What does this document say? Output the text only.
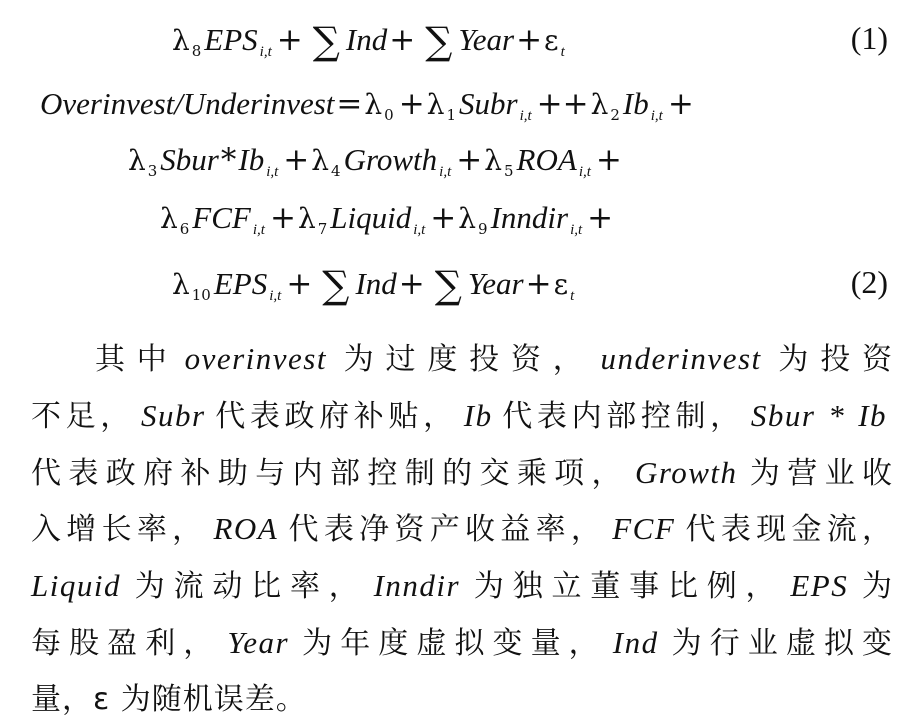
λ $_8$EPS $_{i,t}$ + ∑ Ind+ ∑ Year+ε $_t$	(1)
Overinvest/Underinvest=λ $_0$ +λ $_1$Subr $_{i,t}$ ++λ $_2$Ib $_{i,t}$ +
λ $_3$Sbur*Ib $_{i,t}$ +λ $_4$Growth $_{i,t}$ +λ $_5$ROA $_{i,t}$ +
λ $_6$FCF $_{i,t}$ +λ $_7$Liquid $_{i,t}$ +λ $_9$Inndir $_{i,t}$ +
λ $_{10}$EPS $_{i,t}$ + ∑ Ind+ ∑ Year+ε $_t$	(2)
其中 overinvest 为过度投资， underinvest 为投资
不足， Subr 代表政府补贴， Ib 代表内部控制， Sbur * Ib
代表政府补助与内部控制的交乘项， Growth 为营业收
入增长率， ROA 代表净资产收益率， FCF 代表现金流，
Liquid 为流动比率， Inndir 为独立董事比例， EPS 为
每股盈利， Year 为年度虚拟变量， Ind 为行业虚拟变
量，ε 为随机误差。
